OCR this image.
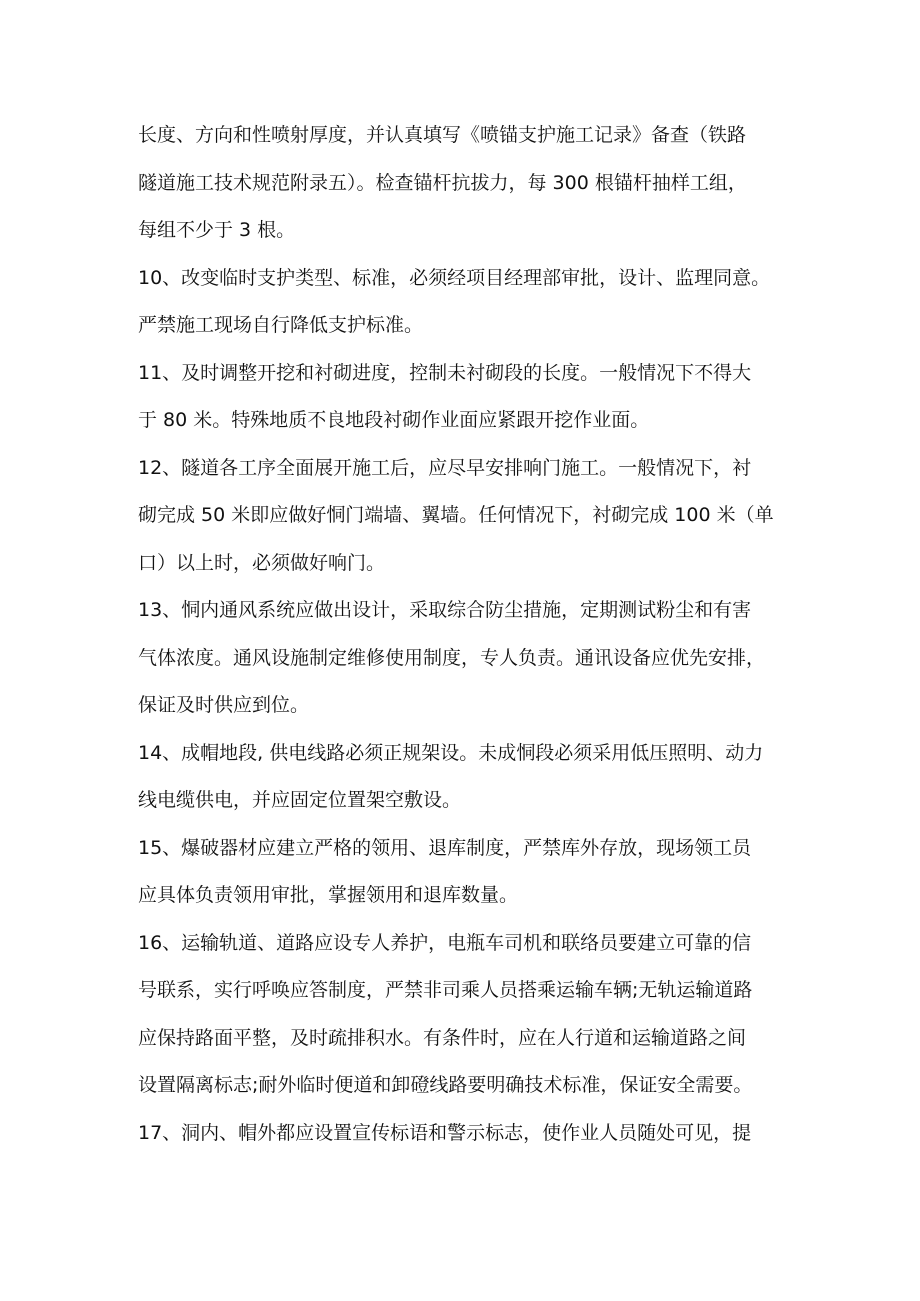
长度、方向和性喷射厚度，并认真填写《喷锚支护施工记录》备查（铁路
隧道施工技术规范附录五）。检查锚杆抗拔力，每 300 根锚杆抽样工组，
每组不少于 3 根。
10、改变临时支护类型、标准，必须经项目经理部审批，设计、监理同意。
严禁施工现场自行降低支护标准。
11、及时调整开挖和衬砌进度，控制未衬砌段的长度。一般情况下不得大
于 80 米。特殊地质不良地段衬砌作业面应紧跟开挖作业面。
12、隧道各工序全面展开施工后，应尽早安排响门施工。一般情况下，衬
砌完成 50 米即应做好恫门端墙、翼墙。任何情况下，衬砌完成 100 米（单
口）以上时，必须做好响门。
13、恫内通风系统应做出设计，采取综合防尘措施，定期测试粉尘和有害
气体浓度。通风设施制定维修使用制度，专人负责。通讯设备应优先安排，
保证及时供应到位。
14、成帽地段, 供电线路必须正规架设。未成恫段必须采用低压照明、动力
线电缆供电，并应固定位置架空敷设。
15、爆破器材应建立严格的领用、退库制度，严禁库外存放，现场领工员
应具体负责领用审批，掌握领用和退库数量。
16、运输轨道、道路应设专人养护，电瓶车司机和联络员要建立可靠的信
号联系，实行呼唤应答制度，严禁非司乘人员搭乘运输车辆;无轨运输道路
应保持路面平整，及时疏排积水。有条件时，应在人行道和运输道路之间
设置隔离标志;耐外临时便道和卸磴线路要明确技术标准，保证安全需要。
17、洞内、帽外都应设置宣传标语和警示标志，使作业人员随处可见，提
